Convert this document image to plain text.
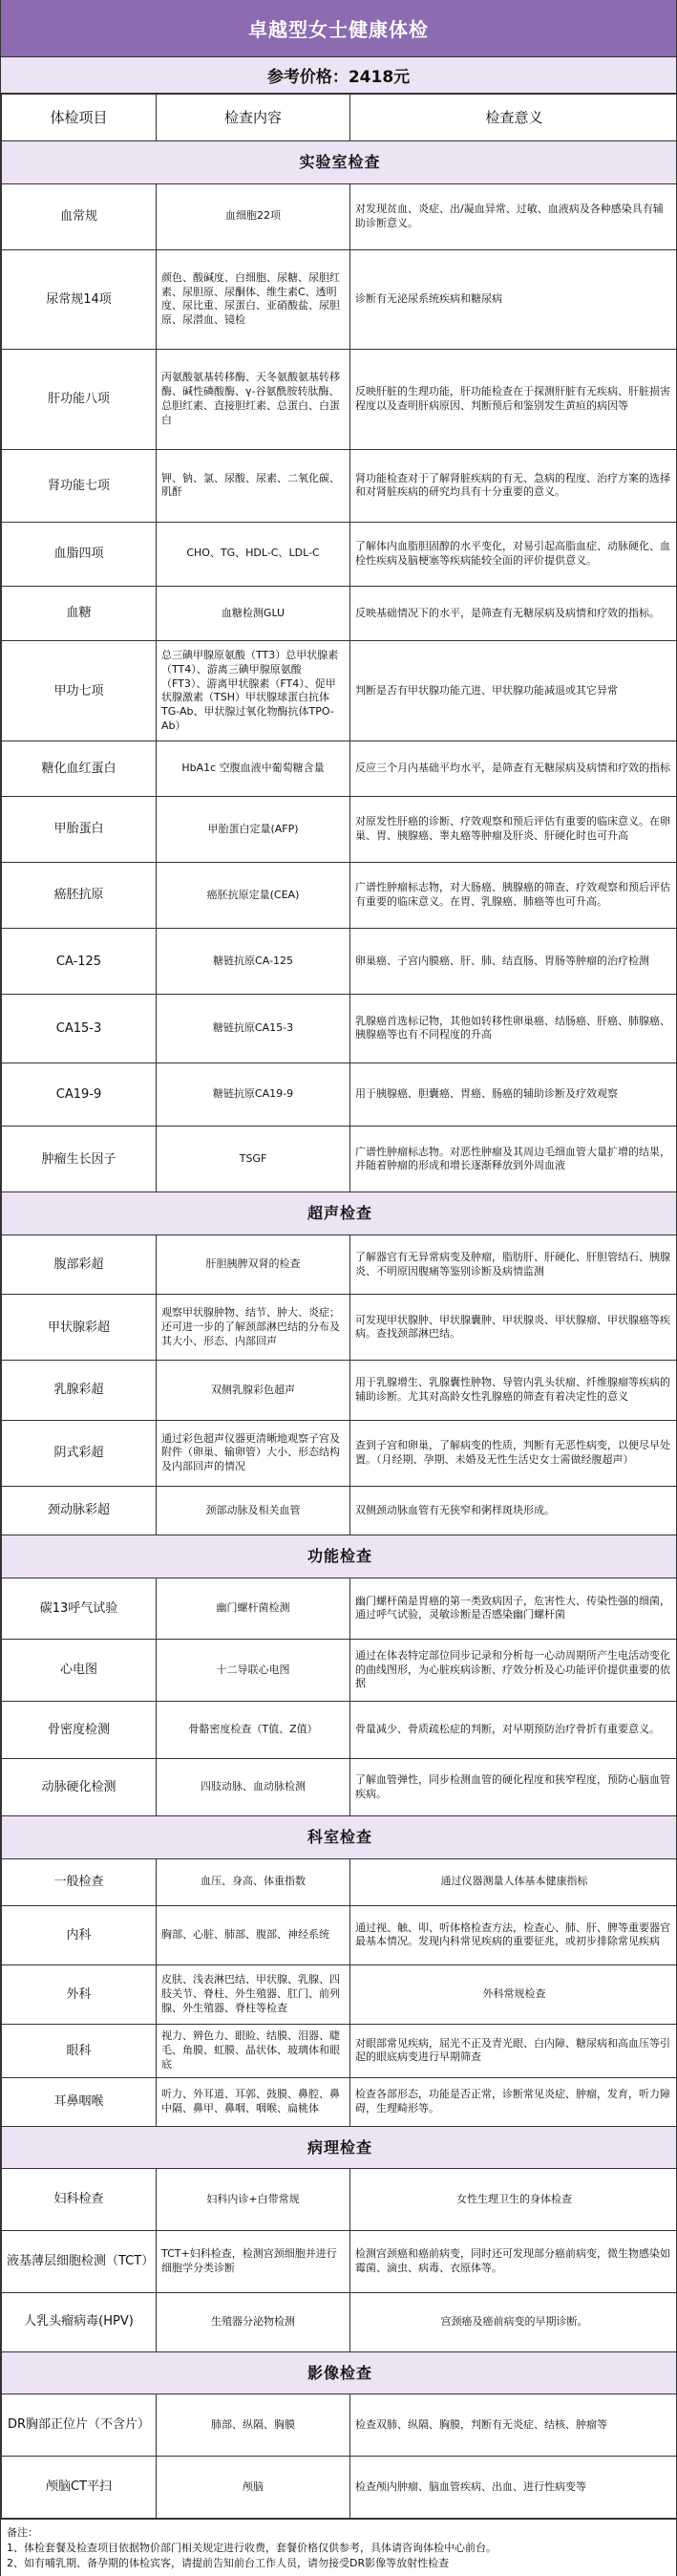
卓越型女士健康体检
参考价格：2418元
体检项目	检查内容	检查意义
实验室检查		
血常规	血细胞22项	对发现贫血、炎症、出/凝血异常、过敏、血液病及各种感染具有辅助诊断意义。
尿常规14项	颜色、酸碱度、白细胞、尿糖、尿胆红素、尿胆原、尿酮体、维生素C、透明度、尿比重、尿蛋白、亚硝酸盐、尿胆原、尿潜血、镜检	诊断有无泌尿系统疾病和糖尿病
肝功能八项	丙氨酸氨基转移酶、天冬氨酸氨基转移酶、碱性磷酸酶、γ-谷氨酰胺转肽酶、总胆红素、直接胆红素、总蛋白、白蛋白	反映肝脏的生理功能，肝功能检查在于探测肝脏有无疾病、肝脏损害程度以及查明肝病原因、判断预后和鉴别发生黄疸的病因等
肾功能七项	钾、钠、氯、尿酸、尿素、二氧化碳、肌酐	肾功能检查对于了解肾脏疾病的有无、急病的程度、治疗方案的选择和对肾脏疾病的研究均具有十分重要的意义。
血脂四项	CHO、TG、HDL-C、LDL-C	了解体内血脂胆固醇的水平变化，对易引起高脂血症、动脉硬化、血栓性疾病及脑梗塞等疾病能较全面的评价提供意义。
血糖	血糖检测GLU	反映基础情况下的水平，是筛查有无糖尿病及病情和疗效的指标。
甲功七项	总三碘甲腺原氨酸（TT3）总甲状腺素（TT4）、游离三碘甲腺原氨酸（FT3）、游离甲状腺素（FT4）、促甲状腺激素（TSH）甲状腺球蛋白抗体TG-Ab、甲状腺过氧化物酶抗体TPO-Ab）	判断是否有甲状腺功能亢进、甲状腺功能减退或其它异常
糖化血红蛋白	HbA1c 空腹血液中葡萄糖含量	反应三个月内基础平均水平，是筛查有无糖尿病及病情和疗效的指标
甲胎蛋白	甲胎蛋白定量(AFP)	对原发性肝癌的诊断、疗效观察和预后评估有重要的临床意义。在卵巢、胃、胰腺癌、睾丸癌等肿瘤及肝炎、肝硬化时也可升高
癌胚抗原	癌胚抗原定量(CEA)	广谱性肿瘤标志物，对大肠癌、胰腺癌的筛查、疗效观察和预后评估有重要的临床意义。在胃、乳腺癌、肺癌等也可升高。
CA-125	糖链抗原CA-125	卵巢癌、子宫内膜癌、肝、肺、结直肠、胃肠等肿瘤的治疗检测
CA15-3	糖链抗原CA15-3	乳腺癌首选标记物，其他如转移性卵巢癌、结肠癌、肝癌、肺腺癌、胰腺癌等也有不同程度的升高
CA19-9	糖链抗原CA19-9	用于胰腺癌、胆囊癌、胃癌、肠癌的辅助诊断及疗效观察
肿瘤生长因子	TSGF	广谱性肿瘤标志物。对恶性肿瘤及其周边毛细血管大量扩增的结果，并随着肿瘤的形成和增长逐渐释放到外周血液
超声检查		
腹部彩超	肝胆胰脾双肾的检查	了解器官有无异常病变及肿瘤，脂肪肝、肝硬化、肝胆管结石、胰腺炎、不明原因腹痛等鉴别诊断及病情监测
甲状腺彩超	观察甲状腺肿物、结节、肿大、炎症；还可进一步的了解颈部淋巴结的分布及其大小、形态、内部回声	可发现甲状腺肿、甲状腺囊肿、甲状腺炎、甲状腺瘤、甲状腺癌等疾病。查找颈部淋巴结。
乳腺彩超	双侧乳腺彩色超声	用于乳腺增生、乳腺囊性肿物、导管内乳头状瘤、纤维腺瘤等疾病的辅助诊断。尤其对高龄女性乳腺癌的筛查有着决定性的意义
阴式彩超	通过彩色超声仪器更清晰地观察子宫及附件（卵巢、输卵管）大小、形态结构及内部回声的情况	查到子宫和卵巢，了解病变的性质，判断有无恶性病变，以便尽早处置。（月经期、孕期、未婚及无性生活史女士需做经腹超声）
颈动脉彩超	颈部动脉及相关血管	双侧颈动脉血管有无狭窄和粥样斑块形成。
功能检查		
碳13呼气试验	幽门螺杆菌检测	幽门螺杆菌是胃癌的第一类致病因子，危害性大、传染性强的细菌，通过呼气试验，灵敏诊断是否感染幽门螺杆菌
心电图	十二导联心电图	通过在体表特定部位同步记录和分析每一心动周期所产生电活动变化的曲线图形，为心脏疾病诊断、疗效分析及心功能评价提供重要的依据
骨密度检测	骨骼密度检查（T值、Z值）	骨量减少、骨质疏松症的判断，对早期预防治疗骨折有重要意义。
动脉硬化检测	四肢动脉、血动脉检测	了解血管弹性，同步检测血管的硬化程度和狭窄程度，预防心脑血管疾病。
科室检查		
一般检查	血压、身高、体重指数	通过仪器测量人体基本健康指标
内科	胸部、心脏、肺部、腹部、神经系统	通过视、触、叩、听体格检查方法，检查心、肺、肝、脾等重要器官最基本情况。发现内科常见疾病的重要征兆，或初步排除常见疾病
外科	皮肤、浅表淋巴结、甲状腺、乳腺、四肢关节、脊柱、外生殖器、肛门、前列腺、外生殖器、脊柱等检查	外科常规检查
眼科	视力、辨色力、眼睑、结膜、泪器、睫毛、角膜、虹膜、晶状体、玻璃体和眼底	对眼部常见疾病，屈光不正及青光眼、白内障、糖尿病和高血压等引起的眼底病变进行早期筛查
耳鼻咽喉	听力、外耳道、耳郭、鼓膜、鼻腔、鼻中隔、鼻甲、鼻咽、咽喉、扁桃体	检查各部形态，功能是否正常，诊断常见炎症、肿瘤，发育，听力障碍，生理畸形等。
病理检查		
妇科检查	妇科内诊+白带常规	女性生理卫生的身体检查
液基薄层细胞检测（TCT）	TCT+妇科检查，检测宫颈细胞并进行细胞学分类诊断	检测宫颈癌和癌前病变，同时还可发现部分癌前病变，微生物感染如霉菌、滴虫、病毒、衣原体等。
人乳头瘤病毒(HPV)	生殖器分泌物检测	宫颈癌及癌前病变的早期诊断。
影像检查		
DR胸部正位片（不含片）	肺部、纵隔、胸膜	检查双肺、纵隔、胸膜，判断有无炎症、结核、肿瘤等
颅脑CT平扫	颅脑	检查颅内肿瘤、脑血管疾病、出血、进行性病变等
备注：
1、体检套餐及检查项目依据物价部门相关规定进行收费，套餐价格仅供参考，具体请咨询体检中心前台。
2、如有哺乳期、备孕期的体检宾客，请提前告知前台工作人员，请勿接受DR影像等放射性检查
